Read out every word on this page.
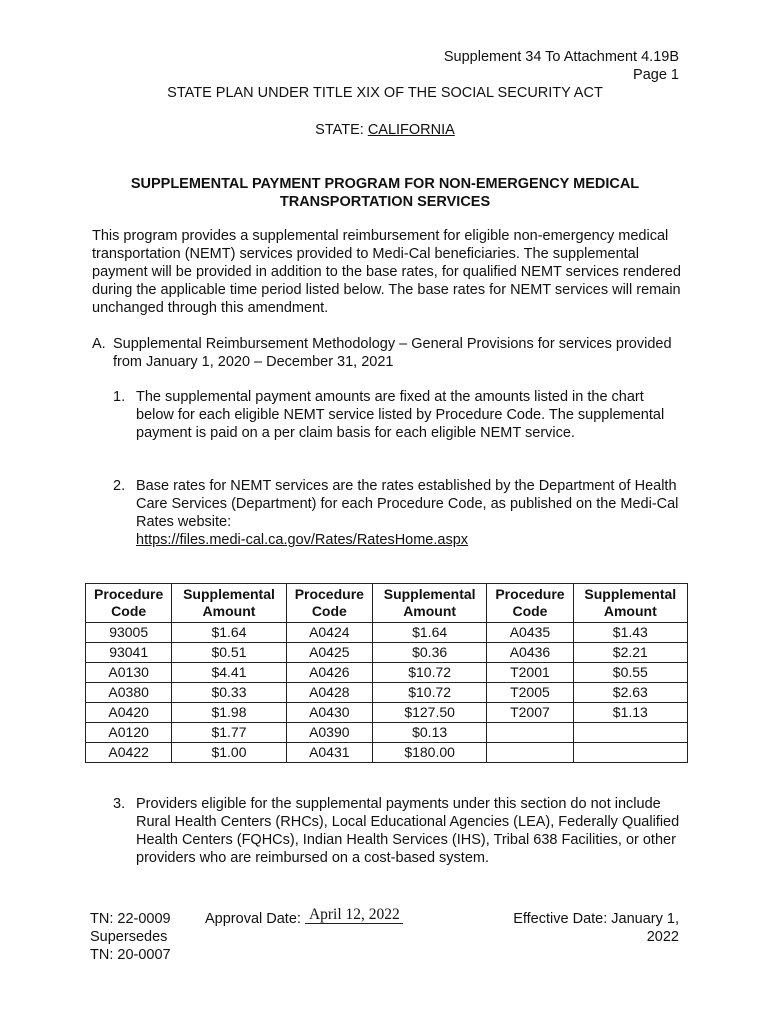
Supplement 34 To Attachment 4.19B
Page 1
STATE PLAN UNDER TITLE XIX OF THE SOCIAL SECURITY ACT
STATE: CALIFORNIA
SUPPLEMENTAL PAYMENT PROGRAM FOR NON-EMERGENCY MEDICAL TRANSPORTATION SERVICES
This program provides a supplemental reimbursement for eligible non-emergency medical transportation (NEMT) services provided to Medi-Cal beneficiaries. The supplemental payment will be provided in addition to the base rates, for qualified NEMT services rendered during the applicable time period listed below. The base rates for NEMT services will remain unchanged through this amendment.
A. Supplemental Reimbursement Methodology – General Provisions for services provided from January 1, 2020 – December 31, 2021
1. The supplemental payment amounts are fixed at the amounts listed in the chart below for each eligible NEMT service listed by Procedure Code. The supplemental payment is paid on a per claim basis for each eligible NEMT service.
2. Base rates for NEMT services are the rates established by the Department of Health Care Services (Department) for each Procedure Code, as published on the Medi-Cal Rates website:
https://files.medi-cal.ca.gov/Rates/RatesHome.aspx
Procedure Code	Supplemental Amount	Procedure Code	Supplemental Amount	Procedure Code	Supplemental Amount
93005	$1.64	A0424	$1.64	A0435	$1.43
93041	$0.51	A0425	$0.36	A0436	$2.21
A0130	$4.41	A0426	$10.72	T2001	$0.55
A0380	$0.33	A0428	$10.72	T2005	$2.63
A0420	$1.98	A0430	$127.50	T2007	$1.13
A0120	$1.77	A0390	$0.13		
A0422	$1.00	A0431	$180.00		
3. Providers eligible for the supplemental payments under this section do not include Rural Health Centers (RHCs), Local Educational Agencies (LEA), Federally Qualified Health Centers (FQHCs), Indian Health Services (IHS), Tribal 638 Facilities, or other providers who are reimbursed on a cost-based system.
TN: 22-0009
Supersedes
TN: 20-0007
Approval Date: April 12, 2022	Effective Date: January 1, 2022
